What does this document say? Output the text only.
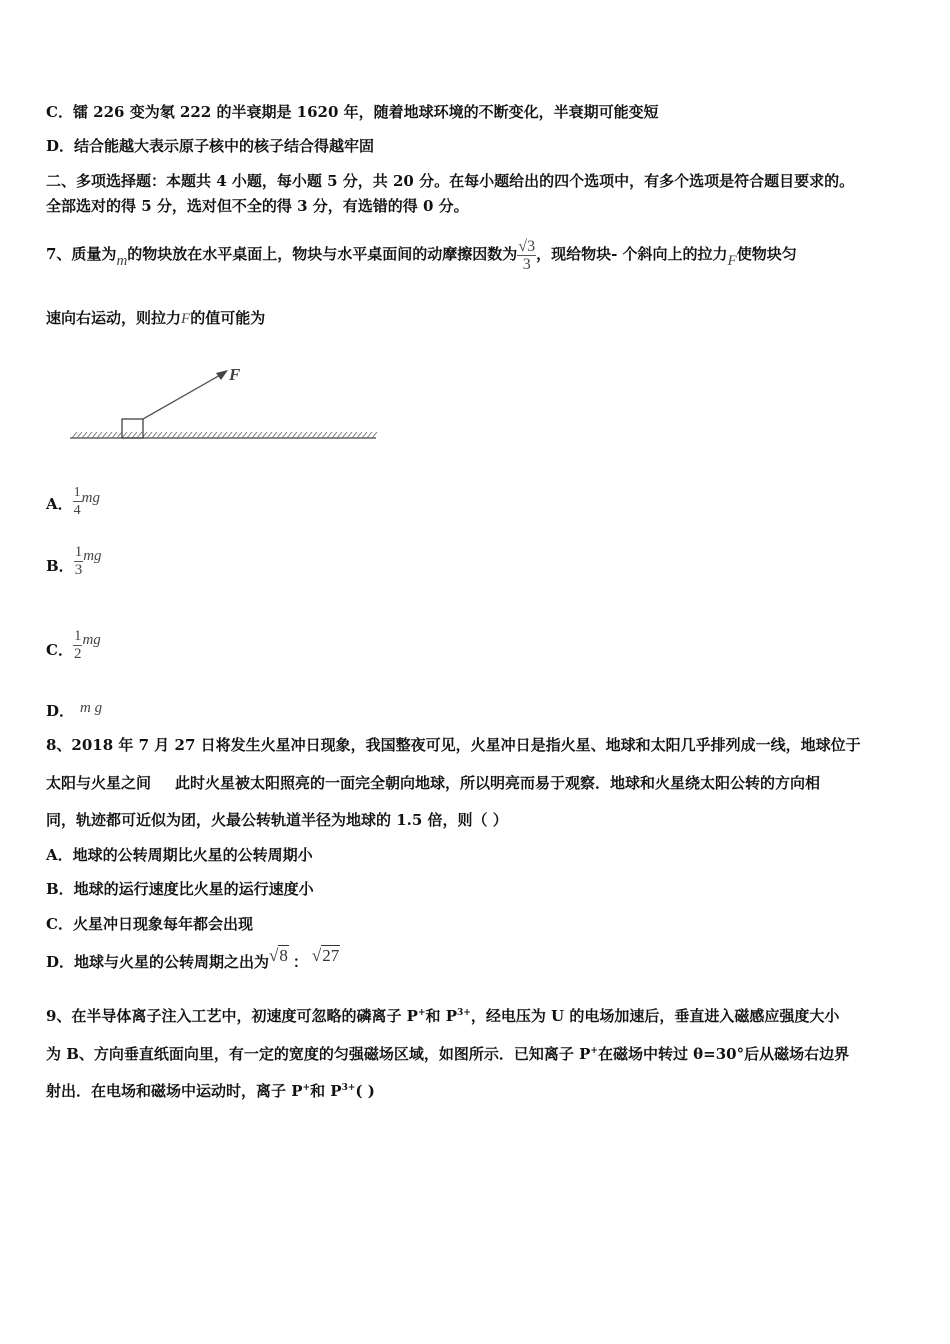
C．镭 226 变为氡 222 的半衰期是 1620 年，随着地球环境的不断变化，半衰期可能变短
D．结合能越大表示原子核中的核子结合得越牢固
二、多项选择题：本题共 4 小题，每小题 5 分，共 20 分。在每小题给出的四个选项中，有多个选项是符合题目要求的。
全部选对的得 5 分，选对但不全的得 3 分，有选错的得 0 分。
7、质量为m的物块放在水平桌面上，物块与水平桌面间的动摩擦因数为 $\frac{√3}{3}$ ，现给物块- 个斜向上的拉力F使物块匀
速向右运动，则拉力F的值可能为
F
A． $\frac{1}{4}$ mg
B． $\frac{1}{3}$ mg
C． $\frac{1}{2}$ mg
D． m g
8、2018 年 7 月 27 日将发生火星冲日现象，我国整夜可见，火星冲日是指火星、地球和太阳几乎排列成一线，地球位于
太阳与火星之间 此时火星被太阳照亮的一面完全朝向地球，所以明亮而易于观察．地球和火星绕太阳公转的方向相
同，轨迹都可近似为团，火最公转轨道半径为地球的 1.5 倍，则（ ）
A．地球的公转周期比火星的公转周期小
B．地球的运行速度比火星的运行速度小
C．火星冲日现象每年都会出现
D．地球与火星的公转周期之出为√8 ： √27
9、在半导体离子注入工艺中，初速度可忽略的磷离子 P+和 $P^{3+}$，经电压为 U 的电场加速后，垂直进入磁感应强度大小
为 B、方向垂直纸面向里，有一定的宽度的匀强磁场区域，如图所示．已知离子 P+在磁场中转过 θ=30°后从磁场右边界
射出．在电场和磁场中运动时，离子 P+和 $P^{3+}$( )
